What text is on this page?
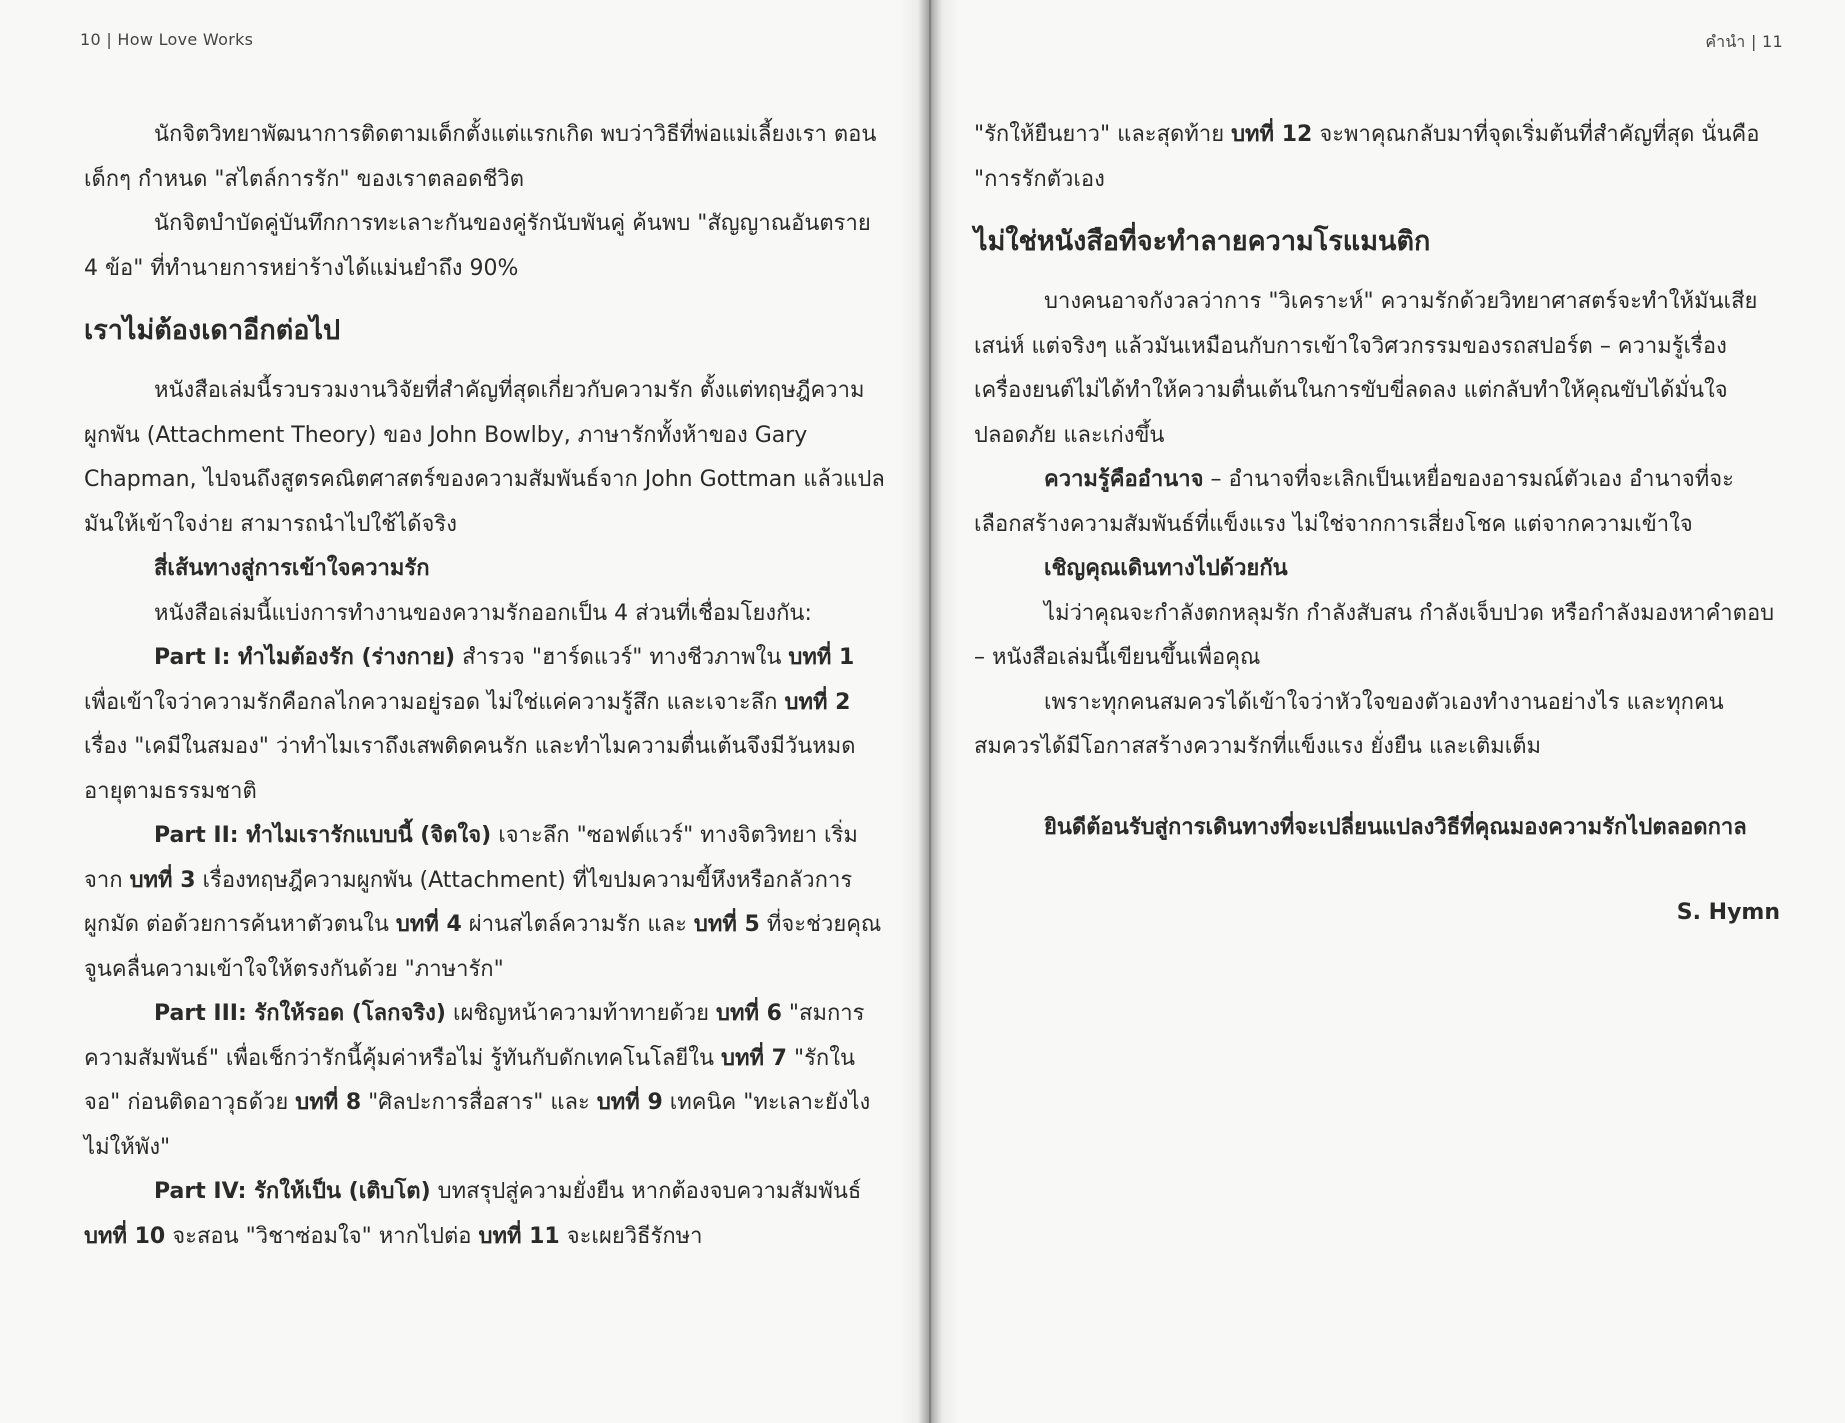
10 | How Love Works

นักจิตวิทยาพัฒนาการติดตามเด็กตั้งแต่แรกเกิด พบว่าวิธีที่พ่อแม่เลี้ยงเรา ตอนเด็กๆ กำหนด "สไตล์การรัก" ของเราตลอดชีวิต

นักจิตบำบัดคู่บันทึกการทะเลาะกันของคู่รักนับพันคู่ ค้นพบ "สัญญาณอันตราย 4 ข้อ" ที่ทำนายการหย่าร้างได้แม่นยำถึง 90%

เราไม่ต้องเดาอีกต่อไป

หนังสือเล่มนี้รวบรวมงานวิจัยที่สำคัญที่สุดเกี่ยวกับความรัก ตั้งแต่ทฤษฎีความผูกพัน (Attachment Theory) ของ John Bowlby, ภาษารักทั้งห้าของ Gary Chapman, ไปจนถึงสูตรคณิตศาสตร์ของความสัมพันธ์จาก John Gottman แล้วแปลมันให้เข้าใจง่าย สามารถนำไปใช้ได้จริง

สี่เส้นทางสู่การเข้าใจความรัก

หนังสือเล่มนี้แบ่งการทำงานของความรักออกเป็น 4 ส่วนที่เชื่อมโยงกัน:

Part I: ทำไมต้องรัก (ร่างกาย) สำรวจ "ฮาร์ดแวร์" ทางชีวภาพใน บทที่ 1 เพื่อเข้าใจว่าความรักคือกลไกความอยู่รอด ไม่ใช่แค่ความรู้สึก และเจาะลึก บทที่ 2 เรื่อง "เคมีในสมอง" ว่าทำไมเราถึงเสพติดคนรัก และทำไมความตื่นเต้นจึงมีวันหมดอายุตามธรรมชาติ

Part II: ทำไมเรารักแบบนี้ (จิตใจ) เจาะลึก "ซอฟต์แวร์" ทางจิตวิทยา เริ่มจาก บทที่ 3 เรื่องทฤษฎีความผูกพัน (Attachment) ที่ไขปมความขี้หึงหรือกลัวการผูกมัด ต่อด้วยการค้นหาตัวตนใน บทที่ 4 ผ่านสไตล์ความรัก และ บทที่ 5 ที่จะช่วยคุณจูนคลื่นความเข้าใจให้ตรงกันด้วย "ภาษารัก"

Part III: รักให้รอด (โลกจริง) เผชิญหน้าความท้าทายด้วย บทที่ 6 "สมการความสัมพันธ์" เพื่อเช็กว่ารักนี้คุ้มค่าหรือไม่ รู้ทันกับดักเทคโนโลยีใน บทที่ 7 "รักในจอ" ก่อนติดอาวุธด้วย บทที่ 8 "ศิลปะการสื่อสาร" และ บทที่ 9 เทคนิค "ทะเลาะยังไงไม่ให้พัง"

Part IV: รักให้เป็น (เติบโต) บทสรุปสู่ความยั่งยืน หากต้องจบความสัมพันธ์ บทที่ 10 จะสอน "วิชาซ่อมใจ" หากไปต่อ บทที่ 11 จะเผยวิธีรักษา

คำนำ | 11

"รักให้ยืนยาว" และสุดท้าย บทที่ 12 จะพาคุณกลับมาที่จุดเริ่มต้นที่สำคัญที่สุด นั่นคือ "การรักตัวเอง

ไม่ใช่หนังสือที่จะทำลายความโรแมนติก

บางคนอาจกังวลว่าการ "วิเคราะห์" ความรักด้วยวิทยาศาสตร์จะทำให้มันเสียเสน่ห์ แต่จริงๆ แล้วมันเหมือนกับการเข้าใจวิศวกรรมของรถสปอร์ต – ความรู้เรื่องเครื่องยนต์ไม่ได้ทำให้ความตื่นเต้นในการขับขี่ลดลง แต่กลับทำให้คุณขับได้มั่นใจ ปลอดภัย และเก่งขึ้น

ความรู้คืออำนาจ – อำนาจที่จะเลิกเป็นเหยื่อของอารมณ์ตัวเอง อำนาจที่จะเลือกสร้างความสัมพันธ์ที่แข็งแรง ไม่ใช่จากการเสี่ยงโชค แต่จากความเข้าใจ

เชิญคุณเดินทางไปด้วยกัน

ไม่ว่าคุณจะกำลังตกหลุมรัก กำลังสับสน กำลังเจ็บปวด หรือกำลังมองหาคำตอบ – หนังสือเล่มนี้เขียนขึ้นเพื่อคุณ

เพราะทุกคนสมควรได้เข้าใจว่าหัวใจของตัวเองทำงานอย่างไร และทุกคนสมควรได้มีโอกาสสร้างความรักที่แข็งแรง ยั่งยืน และเติมเต็ม

ยินดีต้อนรับสู่การเดินทางที่จะเปลี่ยนแปลงวิธีที่คุณมองความรักไปตลอดกาล

S. Hymn
